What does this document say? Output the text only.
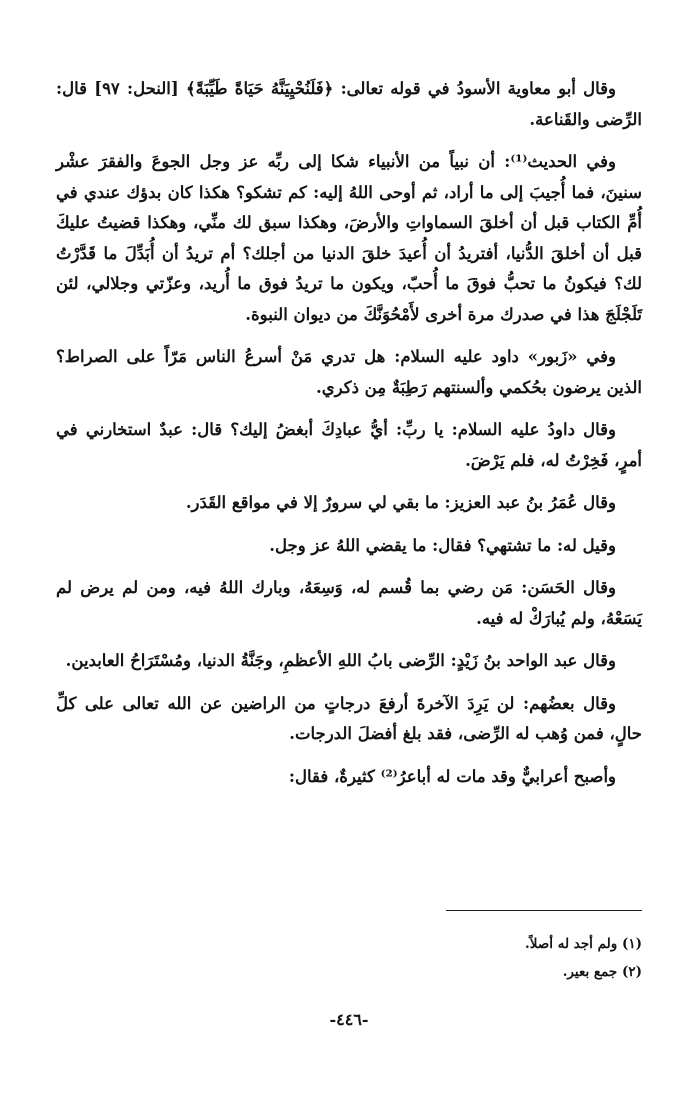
وقال أبو معاوية الأسودُ في قوله تعالى: ﴿فَلَنُحْيِيَنَّهُ حَيَاةً طَيِّبَةً﴾ [النحل: ٩٧] قال: الرِّضى والقَناعة.

وفي الحديث⁽¹⁾: أن نبياً من الأنبياء شكا إلى ربِّه عز وجل الجوعَ والفقرَ عشْر سنينَ، فما أُجيبَ إلى ما أراد، ثم أوحى اللهُ إليه: كم تشكو؟ هكذا كان بدؤك عندي في أُمِّ الكتاب قبل أن أخلقَ السماواتِ والأرضَ، وهكذا سبق لك منِّي، وهكذا قضيتُ عليكَ قبل أن أخلقَ الدُّنيا، أفتريدُ أن أُعيدَ خلقَ الدنيا من أجلك؟ أم تريدُ أن أُبَدِّلَ ما قَدَّرْتُ لك؟ فيكونُ ما تحبُّ فوقَ ما أُحبّ، ويكون ما تريدُ فوق ما أُريد، وعزّتي وجلالي، لئن تَلَجْلَجَ هذا في صدرك مرة أخرى لأَمْحُوَنَّكَ من ديوان النبوة.

وفي «زَبور» داود عليه السلام: هل تدري مَنْ أسرعُ الناس مَرّاً على الصراط؟ الذين يرضون بحُكمي وألسنتهم رَطِبَةٌ مِن ذكري.

وقال داودُ عليه السلام: يا ربِّ: أيُّ عبادِكَ أبغضُ إليك؟ قال: عبدٌ استخارني في أمرٍ، فَخِرْتُ له، فلم يَرْضَ.

وقال عُمَرُ بنُ عبد العزيز: ما بقي لي سرورٌ إلا في مواقع القَدَر.

وقيل له: ما تشتهي؟ فقال: ما يقضي اللهُ عز وجل.

وقال الحَسَن: مَن رضي بما قُسم له، وَسِعَهُ، وبارك اللهُ فيه، ومن لم يرض لم يَسَعْهُ، ولم يُبارَكْ له فيه.

وقال عبد الواحد بنُ زَيْدٍ: الرِّضى بابُ اللهِ الأعظمِ، وجَنَّةُ الدنيا، ومُسْتَرَاحُ العابدين.

وقال بعضُهم: لن يَرِدَ الآخرةَ أرفعَ درجاتٍ من الراضين عن الله تعالى على كلِّ حالٍ، فمن وُهب له الرِّضى، فقد بلغ أفضلَ الدرجات.

وأصبح أعرابيٌّ وقد مات له أباعرُ⁽²⁾ كثيرةٌ، فقال:

(١) ولم أجد له أصلاً.

(٢) جمع بعير.

-٤٤٦-
